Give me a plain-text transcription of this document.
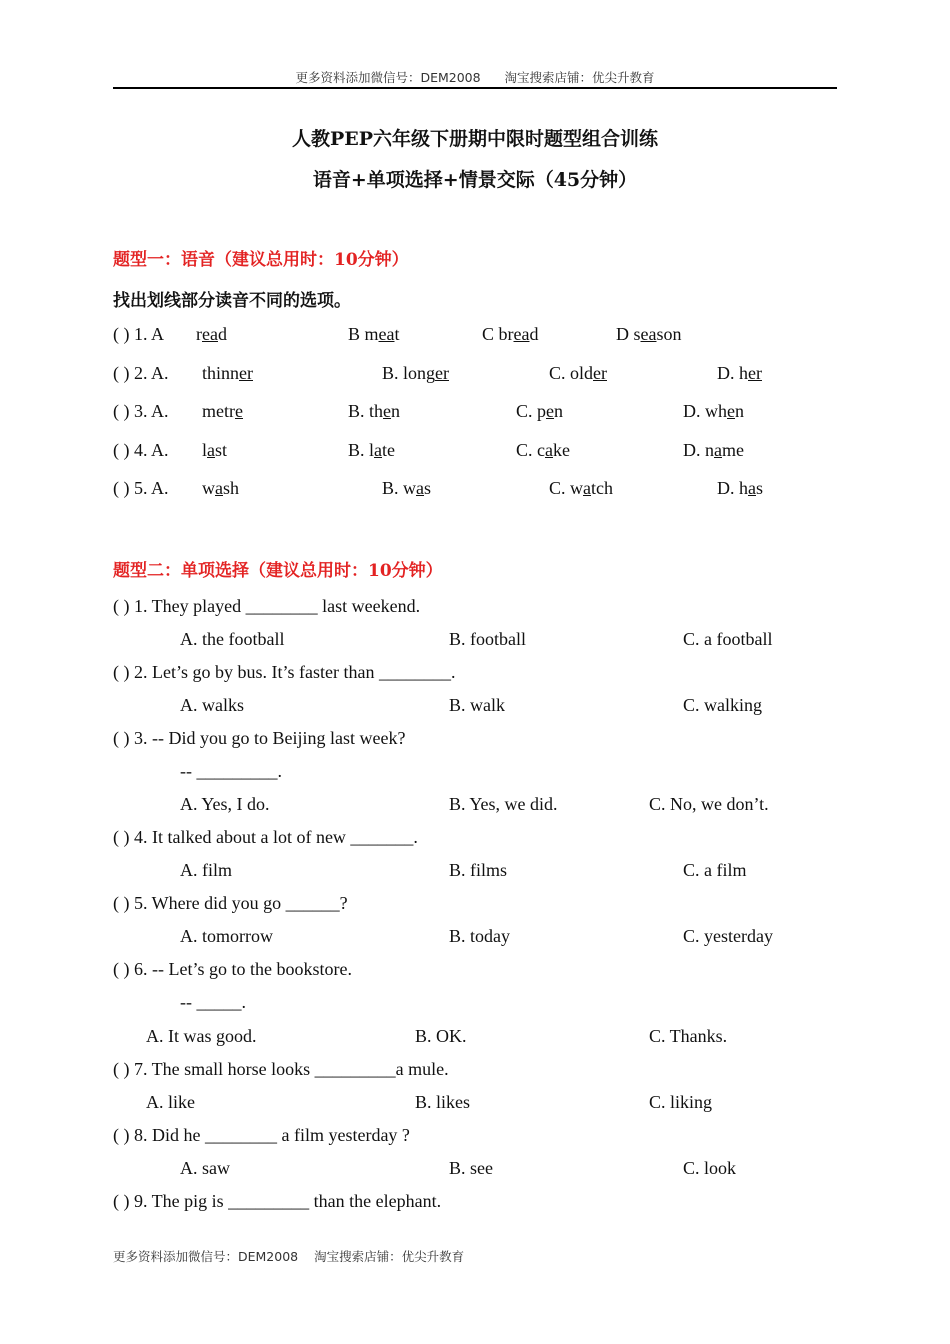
更多资料添加微信号：DEM2008 淘宝搜索店铺：优尖升教育
人教PEP六年级下册期中限时题型组合训练
语音+单项选择+情景交际（45分钟）
题型一：语音（建议总用时：10分钟）
找出划线部分读音不同的选项。
( ) 1. A read	B meat	C bread	D season
( ) 2. A. thinner	B. longer	C. older	D. her
( ) 3. A. metre	B. then	C. pen	D. when
( ) 4. A. last	B. late	C. cake	D. name
( ) 5. A. wash	B. was	C. watch	D. has
题型二：单项选择（建议总用时：10分钟）
( ) 1. They played ________ last weekend.
A. the football	B. football	C. a football
( ) 2. Let’s go by bus. It’s faster than ________.
A. walks	B. walk	C. walking
( ) 3. -- Did you go to Beijing last week?
-- _________.
A. Yes, I do.	B. Yes, we did.	C. No, we don’t.
( ) 4. It talked about a lot of new _______.
A. film	B. films	C. a film
( ) 5. Where did you go ______?
A. tomorrow	B. today	C. yesterday
( ) 6. -- Let’s go to the bookstore.
-- _____.
A. It was good.	B. OK.	C. Thanks.
( ) 7. The small horse looks _________a mule.
A. like	B. likes	C. liking
( ) 8. Did he ________ a film yesterday ?
A. saw	B. see	C. look
( ) 9. The pig is _________ than the elephant.
更多资料添加微信号：DEM2008 淘宝搜索店铺：优尖升教育
